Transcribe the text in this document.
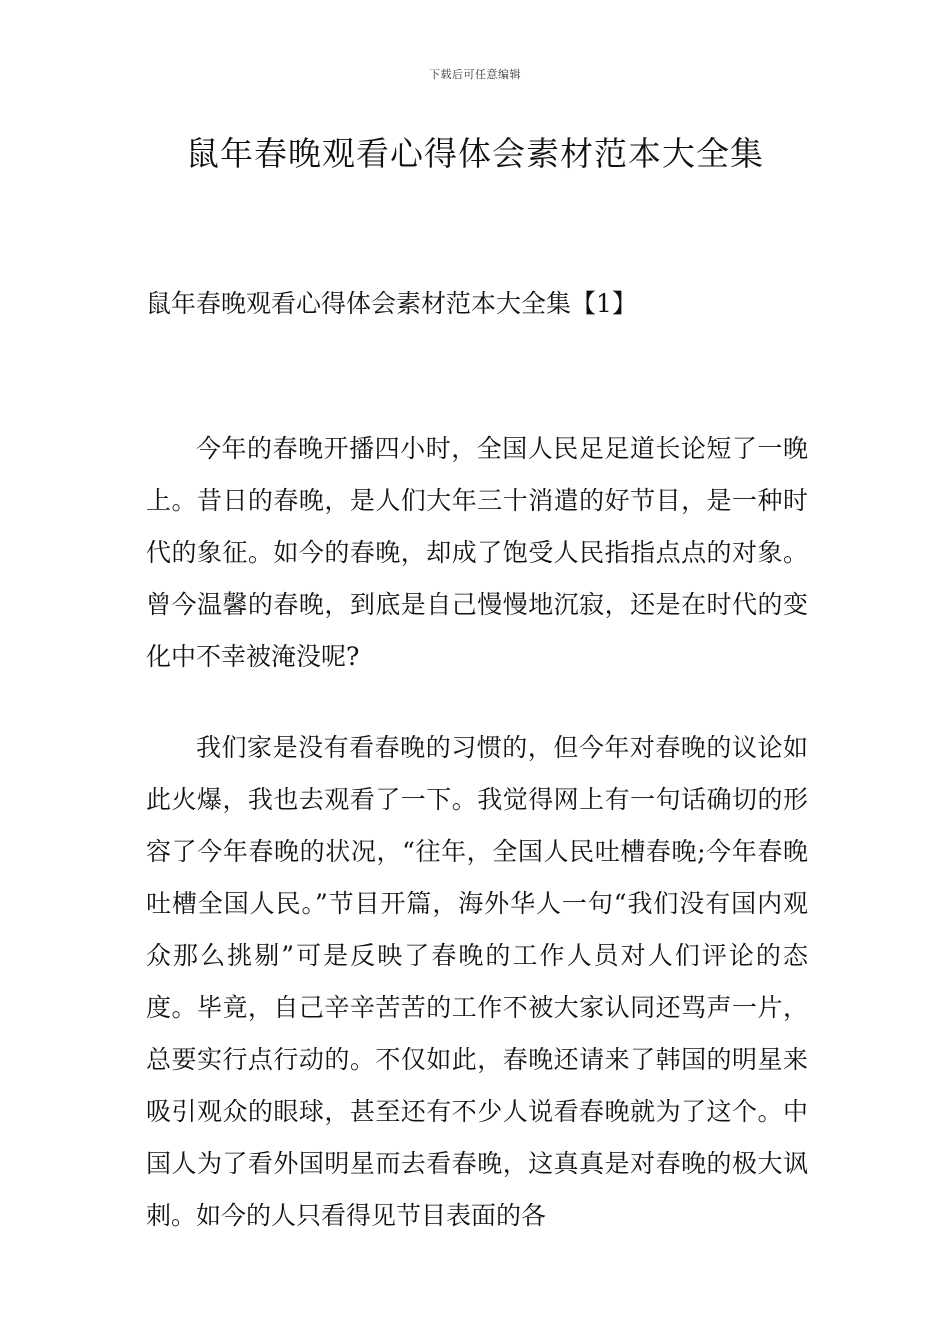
下载后可任意编辑
鼠年春晚观看心得体会素材范本大全集
鼠年春晚观看心得体会素材范本大全集【1】

今年的春晚开播四小时，全国人民足足道长论短了一晚上。昔日的春晚，是人们大年三十消遣的好节目，是一种时代的象征。如今的春晚，却成了饱受人民指指点点的对象。曾今温馨的春晚，到底是自己慢慢地沉寂，还是在时代的变化中不幸被淹没呢?

我们家是没有看春晚的习惯的，但今年对春晚的议论如此火爆，我也去观看了一下。我觉得网上有一句话确切的形容了今年春晚的状况，“往年，全国人民吐槽春晚;今年春晚吐槽全国人民。”节目开篇，海外华人一句“我们没有国内观众那么挑剔”可是反映了春晚的工作人员对人们评论的态度。毕竟，自己辛辛苦苦的工作不被大家认同还骂声一片，总要实行点行动的。不仅如此，春晚还请来了韩国的明星来吸引观众的眼球，甚至还有不少人说看春晚就为了这个。中国人为了看外国明星而去看春晚，这真真是对春晚的极大讽刺。如今的人只看得见节目表面的各
